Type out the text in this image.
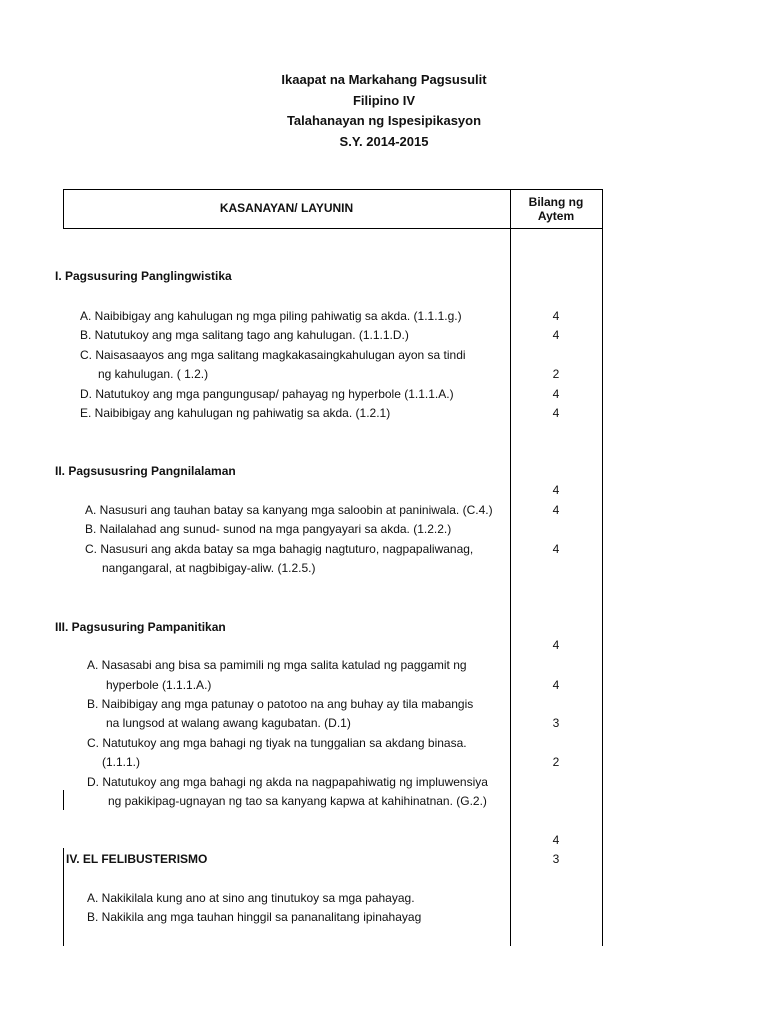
Ikaapat na Markahang Pagsusulit
Filipino IV
Talahanayan ng Ispesipikasyon
S.Y. 2014-2015
KASANAYAN/ LAYUNIN	Bilang ng
Aytem
I. Pagsusuring Panglingwistika
A. Naibibigay ang kahulugan ng mga piling pahiwatig sa akda. (1.1.1.g.)
B. Natutukoy ang mga salitang tago ang kahulugan. (1.1.1.D.)
C. Naisasaayos ang mga salitang magkakasaingkahulugan ayon sa tindi
ng kahulugan. ( 1.2.)
D. Natutukoy ang mga pangungusap/ pahayag ng hyperbole (1.1.1.A.)
E. Naibibigay ang kahulugan ng pahiwatig sa akda. (1.2.1)
II. Pagsususring Pangnilalaman
A. Nasusuri ang tauhan batay sa kanyang mga saloobin at paniniwala. (C.4.)
B. Nailalahad ang sunud- sunod na mga pangyayari sa akda. (1.2.2.)
C. Nasusuri ang akda batay sa mga bahagig nagtuturo, nagpapaliwanag,
nangangaral, at nagbibigay-aliw. (1.2.5.)
III. Pagsusuring Pampanitikan
A. Nasasabi ang bisa sa pamimili ng mga salita katulad ng paggamit ng
hyperbole (1.1.1.A.)
B. Naibibigay ang mga patunay o patotoo na ang buhay ay tila mabangis
na lungsod at walang awang kagubatan. (D.1)
C. Natutukoy ang mga bahagi ng tiyak na tunggalian sa akdang binasa.
(1.1.1.)
D. Natutukoy ang mga bahagi ng akda na nagpapahiwatig ng impluwensiya
ng pakikipag-ugnayan ng tao sa kanyang kapwa at kahihinatnan. (G.2.)
IV. EL FELIBUSTERISMO
A. Nakikilala kung ano at sino ang tinutukoy sa mga pahayag.
B. Nakikila ang mga tauhan hinggil sa pananalitang ipinahayag
4
4
2
4
4
4
4
4
4
4
3
2
4
3
